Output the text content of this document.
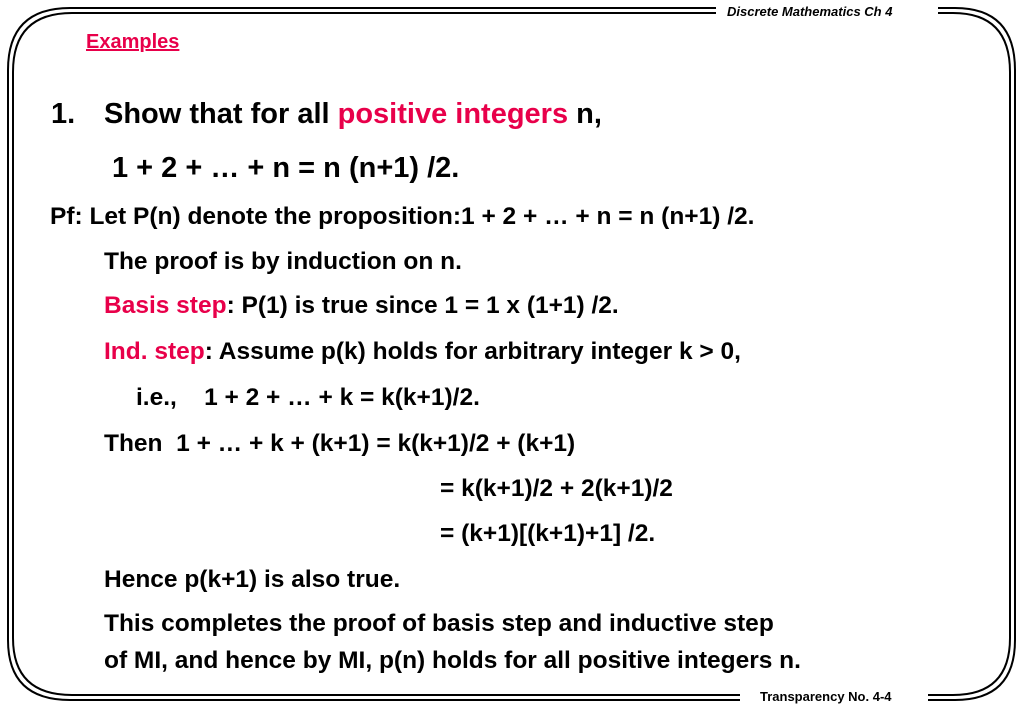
Discrete Mathematics Ch 4
Examples
1. Show that for all positive integers n,
1 + 2 + … + n = n (n+1) /2.
Pf: Let P(n) denote the proposition:1 + 2 + … + n = n (n+1) /2.
The proof is by induction on n.
Basis step: P(1) is true since 1 = 1 x (1+1) /2.
Ind. step: Assume p(k) holds for arbitrary integer k > 0,
i.e.,    1 + 2 + … + k = k(k+1)/2.
Then  1 + … + k + (k+1) = k(k+1)/2 + (k+1)
= k(k+1)/2 + 2(k+1)/2
= (k+1)[(k+1)+1] /2.
Hence p(k+1) is also true.
This completes the proof of basis step and inductive step
of MI, and hence by MI, p(n) holds for all positive integers n.
Transparency No. 4-4
